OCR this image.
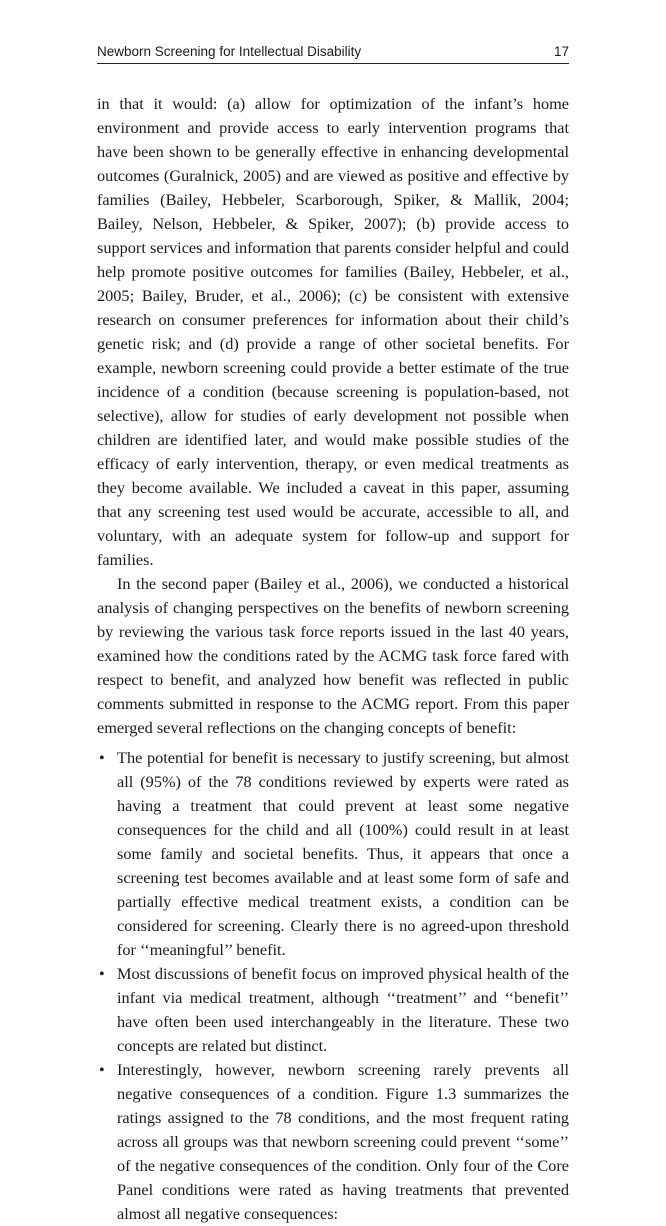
Newborn Screening for Intellectual Disability	17

in that it would: (a) allow for optimization of the infant’s home environment and provide access to early intervention programs that have been shown to be generally effective in enhancing developmental outcomes (Guralnick, 2005) and are viewed as positive and effective by families (Bailey, Hebbeler, Scarborough, Spiker, & Mallik, 2004; Bailey, Nelson, Hebbeler, & Spiker, 2007); (b) provide access to support services and information that parents consider helpful and could help promote positive outcomes for families (Bailey, Hebbeler, et al., 2005; Bailey, Bruder, et al., 2006); (c) be consistent with extensive research on consumer preferences for information about their child’s genetic risk; and (d) provide a range of other societal benefits. For example, newborn screening could provide a better estimate of the true incidence of a condition (because screening is population-based, not selective), allow for studies of early development not possible when children are identified later, and would make possible studies of the efficacy of early intervention, therapy, or even medical treatments as they become available. We included a caveat in this paper, assuming that any screening test used would be accurate, accessible to all, and voluntary, with an adequate system for follow-up and support for families.

In the second paper (Bailey et al., 2006), we conducted a historical analysis of changing perspectives on the benefits of newborn screening by reviewing the various task force reports issued in the last 40 years, examined how the conditions rated by the ACMG task force fared with respect to benefit, and analyzed how benefit was reflected in public comments submitted in response to the ACMG report. From this paper emerged several reflections on the changing concepts of benefit:

• The potential for benefit is necessary to justify screening, but almost all (95%) of the 78 conditions reviewed by experts were rated as having a treatment that could prevent at least some negative consequences for the child and all (100%) could result in at least some family and societal benefits. Thus, it appears that once a screening test becomes available and at least some form of safe and partially effective medical treatment exists, a condition can be considered for screening. Clearly there is no agreed-upon threshold for ‘‘meaningful’’ benefit.
• Most discussions of benefit focus on improved physical health of the infant via medical treatment, although ‘‘treatment’’ and ‘‘benefit’’ have often been used interchangeably in the literature. These two concepts are related but distinct.
• Interestingly, however, newborn screening rarely prevents all negative consequences of a condition. Figure 1.3 summarizes the ratings assigned to the 78 conditions, and the most frequent rating across all groups was that newborn screening could prevent ‘‘some’’ of the negative consequences of the condition. Only four of the Core Panel conditions were rated as having treatments that prevented almost all negative consequences:
